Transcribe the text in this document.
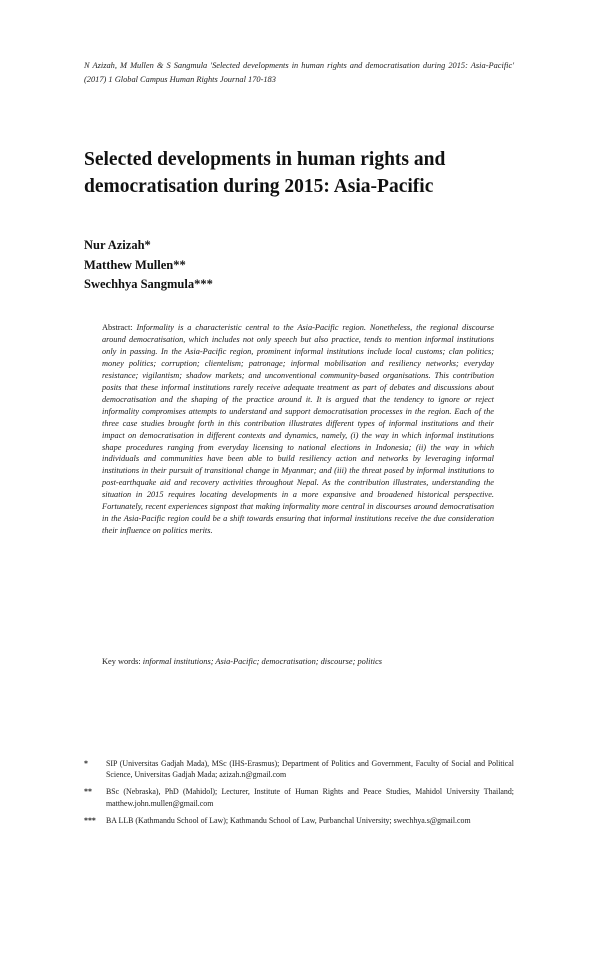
N Azizah, M Mullen & S Sangmula 'Selected developments in human rights and democratisation during 2015: Asia-Pacific' (2017) 1 Global Campus Human Rights Journal 170-183
Selected developments in human rights and democratisation during 2015: Asia-Pacific
Nur Azizah*
Matthew Mullen**
Swechhya Sangmula***
Abstract: Informality is a characteristic central to the Asia-Pacific region. Nonetheless, the regional discourse around democratisation, which includes not only speech but also practice, tends to mention informal institutions only in passing. In the Asia-Pacific region, prominent informal institutions include local customs; clan politics; money politics; corruption; clientelism; patronage; informal mobilisation and resiliency networks; everyday resistance; vigilantism; shadow markets; and unconventional community-based organisations. This contribution posits that these informal institutions rarely receive adequate treatment as part of debates and discussions about democratisation and the shaping of the practice around it. It is argued that the tendency to ignore or reject informality compromises attempts to understand and support democratisation processes in the region. Each of the three case studies brought forth in this contribution illustrates different types of informal institutions and their impact on democratisation in different contexts and dynamics, namely, (i) the way in which informal institutions shape procedures ranging from everyday licensing to national elections in Indonesia; (ii) the way in which individuals and communities have been able to build resiliency action and networks by leveraging informal institutions in their pursuit of transitional change in Myanmar; and (iii) the threat posed by informal institutions to post-earthquake aid and recovery activities throughout Nepal. As the contribution illustrates, understanding the situation in 2015 requires locating developments in a more expansive and broadened historical perspective. Fortunately, recent experiences signpost that making informality more central in discourses around democratisation in the Asia-Pacific region could be a shift towards ensuring that informal institutions receive the due consideration their influence on politics merits.
Key words: informal institutions; Asia-Pacific; democratisation; discourse; politics
* SIP (Universitas Gadjah Mada), MSc (IHS-Erasmus); Department of Politics and Government, Faculty of Social and Political Science, Universitas Gadjah Mada; azizah.n@gmail.com
** BSc (Nebraska), PhD (Mahidol); Lecturer, Institute of Human Rights and Peace Studies, Mahidol University Thailand; matthew.john.mullen@gmail.com
*** BA LLB (Kathmandu School of Law); Kathmandu School of Law, Purbanchal University; swechhya.s@gmail.com
